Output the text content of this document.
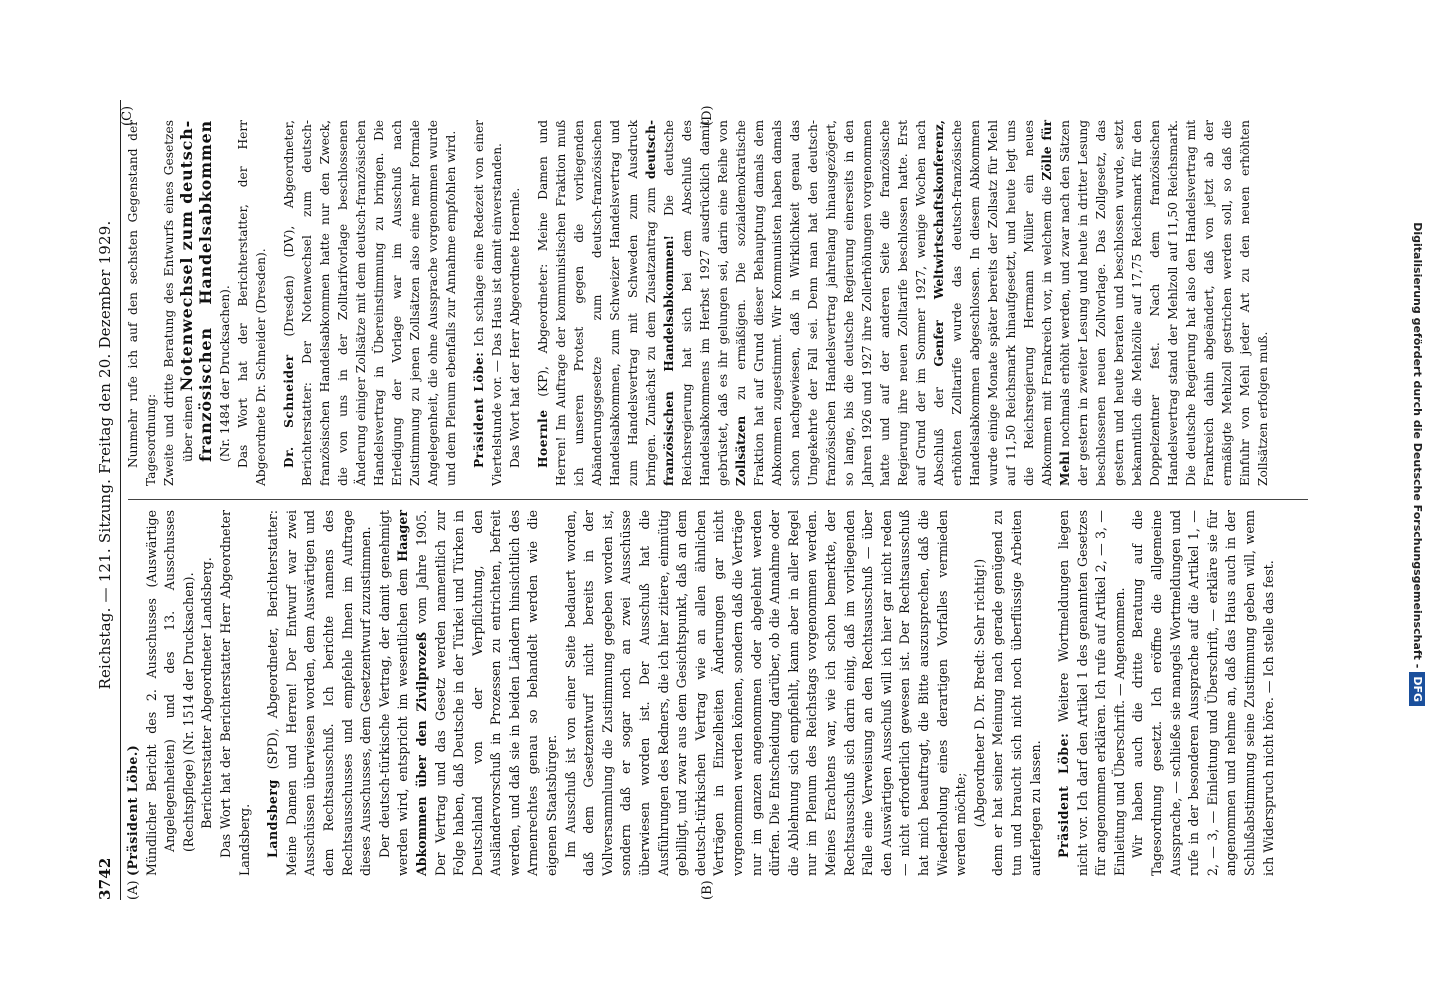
3742
Reichstag. — 121. Sitzung. Freitag den 20. Dezember 1929.
(A)	(B)
(C)	(D)

(Präsident Löbe.) Mündlicher Bericht des 2. Ausschusses (Auswärtige Angelegenheiten) und des 13. Ausschusses (Rechtspflege) (Nr. 1514 der Drucksachen). Berichterstatter Abgeordneter Landsberg. Das Wort hat der Berichterstatter Herr Abgeordneter Landsberg. Landsberg (SPD), Abgeordneter, Berichterstatter: Meine Damen und Herren! Der Entwurf war zwei Ausschüssen überwiesen worden, dem Auswärtigen und dem Rechtsausschuß. Ich berichte namens des Rechtsausschusses und empfehle Ihnen im Auftrage dieses Ausschusses, dem Gesetzentwurf zuzustimmen. Der deutsch-türkische Vertrag, der damit genehmigt werden wird, entspricht im wesentlichen dem Haager Abkommen über den Zivilprozeß vom Jahre 1905. Der Vertrag und das Gesetz werden namentlich zur Folge haben, daß Deutsche in der Türkei und Türken in Deutschland von der Verpflichtung, den Ausländervorschuß in Prozessen zu entrichten, befreit werden, und daß sie in beiden Ländern hinsichtlich des Armenrechtes genau so behandelt werden wie die eigenen Staatsbürger. Im Ausschuß ist von einer Seite bedauert worden, daß dem Gesetzentwurf nicht bereits in der Vollversammlung die Zustimmung gegeben worden ist, sondern daß er sogar noch an zwei Ausschüsse überwiesen worden ist. Der Ausschuß hat die Ausführungen des Redners, die ich hier zitiere, einmütig gebilligt, und zwar aus dem Gesichtspunkt, daß an dem deutsch-türkischen Vertrag wie an allen ähnlichen Verträgen in Einzelheiten Änderungen gar nicht vorgenommen werden können, sondern daß die Verträge nur im ganzen angenommen oder abgelehnt werden dürfen. Die Entscheidung darüber, ob die Annahme oder die Ablehnung sich empfiehlt, kann aber in aller Regel nur im Plenum des Reichstags vorgenommen werden. Meines Erachtens war, wie ich schon bemerkte, der Rechtsausschuß sich darin einig, daß im vorliegenden Falle eine Verweisung an den Rechtsausschuß — über den Auswärtigen Ausschuß will ich hier gar nicht reden — nicht erforderlich gewesen ist. Der Rechtsausschuß hat mich beauftragt, die Bitte auszusprechen, daß die Wiederholung eines derartigen Vorfalles vermieden werden möchte; (Abgeordneter D. Dr. Bredt: Sehr richtig!) denn er hat seiner Meinung nach gerade genügend zu tun und braucht sich nicht noch überflüssige Arbeiten auferlegen zu lassen. Präsident Löbe: Weitere Wortmeldungen liegen nicht vor. Ich darf den Artikel 1 des genannten Gesetzes für angenommen erklären. Ich rufe auf Artikel 2, — 3, — Einleitung und Überschrift. — Angenommen. Wir haben auch die dritte Beratung auf die Tagesordnung gesetzt. Ich eröffne die allgemeine Aussprache, — schließe sie mangels Wortmeldungen und rufe in der besonderen Aussprache auf die Artikel 1, — 2, — 3, — Einleitung und Überschrift, — erkläre sie für angenommen und nehme an, daß das Haus auch in der Schlußabstimmung seine Zustimmung geben will, wenn ich Widerspruch nicht höre. — Ich stelle das fest.

Nunmehr rufe ich auf den sechsten Gegenstand der Tagesordnung: Zweite und dritte Beratung des Entwurfs eines Gesetzes über einen Notenwechsel zum deutsch-französischen Handelsabkommen (Nr. 1484 der Drucksachen). Das Wort hat der Berichterstatter, der Herr Abgeordnete Dr. Schneider (Dresden). Dr. Schneider (Dresden) (DV), Abgeordneter, Berichterstatter: Der Notenwechsel zum deutsch-französischen Handelsabkommen hatte nur den Zweck, die von uns in der Zolltarifvorlage beschlossenen Änderung einiger Zollsätze mit dem deutsch-französischen Handelsvertrag in Übereinstimmung zu bringen. Die Erledigung der Vorlage war im Ausschuß nach Zustimmung zu jenen Zollsätzen also eine mehr formale Angelegenheit, die ohne Aussprache vorgenommen wurde und dem Plenum ebenfalls zur Annahme empfohlen wird. Präsident Löbe: Ich schlage eine Redezeit von einer Viertelstunde vor. — Das Haus ist damit einverstanden. Das Wort hat der Herr Abgeordnete Hoernle. Hoernle (KP), Abgeordneter: Meine Damen und Herren! Im Auftrage der kommunistischen Fraktion muß ich unseren Protest gegen die vorliegenden Abänderungsgesetze zum deutsch-französischen Handelsabkommen, zum Schweizer Handelsvertrag und zum Handelsvertrag mit Schweden zum Ausdruck bringen. Zunächst zu dem Zusatzantrag zum deutsch-französischen Handelsabkommen! Die deutsche Reichsregierung hat sich bei dem Abschluß des Handelsabkommens im Herbst 1927 ausdrücklich damit gebrüstet, daß es ihr gelungen sei, darin eine Reihe von Zollsätzen zu ermäßigen. Die sozialdemokratische Fraktion hat auf Grund dieser Behauptung damals dem Abkommen zugestimmt. Wir Kommunisten haben damals schon nachgewiesen, daß in Wirklichkeit genau das Umgekehrte der Fall sei. Denn man hat den deutsch-französischen Handelsvertrag jahrelang hinausgezögert, so lange, bis die deutsche Regierung einerseits in den Jahren 1926 und 1927 ihre Zollerhöhungen vorgenommen hatte und auf der anderen Seite die französische Regierung ihre neuen Zolltarife beschlossen hatte. Erst auf Grund der im Sommer 1927, wenige Wochen nach Abschluß der Genfer Weltwirtschaftskonferenz, erhöhten Zolltarife wurde das deutsch-französische Handelsabkommen abgeschlossen. In diesem Abkommen wurde einige Monate später bereits der Zollsatz für Mehl auf 11,50 Reichsmark hinaufgesetzt, und heute legt uns die Reichsregierung Hermann Müller ein neues Abkommen mit Frankreich vor, in welchem die Zölle für Mehl nochmals erhöht werden, und zwar nach den Sätzen der gestern in zweiter Lesung und heute in dritter Lesung beschlossenen neuen Zollvorlage. Das Zollgesetz, das gestern und heute beraten und beschlossen wurde, setzt bekanntlich die Mehlzölle auf 17,75 Reichsmark für den Doppelzentner fest. Nach dem französischen Handelsvertrag stand der Mehlzoll auf 11,50 Reichsmark. Die deutsche Regierung hat also den Handelsvertrag mit Frankreich dahin abgeändert, daß von jetzt ab der ermäßigte Mehlzoll gestrichen werden soll, so daß die Einfuhr von Mehl jeder Art zu den neuen erhöhten Zollsätzen erfolgen muß.	Digitalisierung gefördert durch die Deutsche Forschungsgemeinschaft -DFG
